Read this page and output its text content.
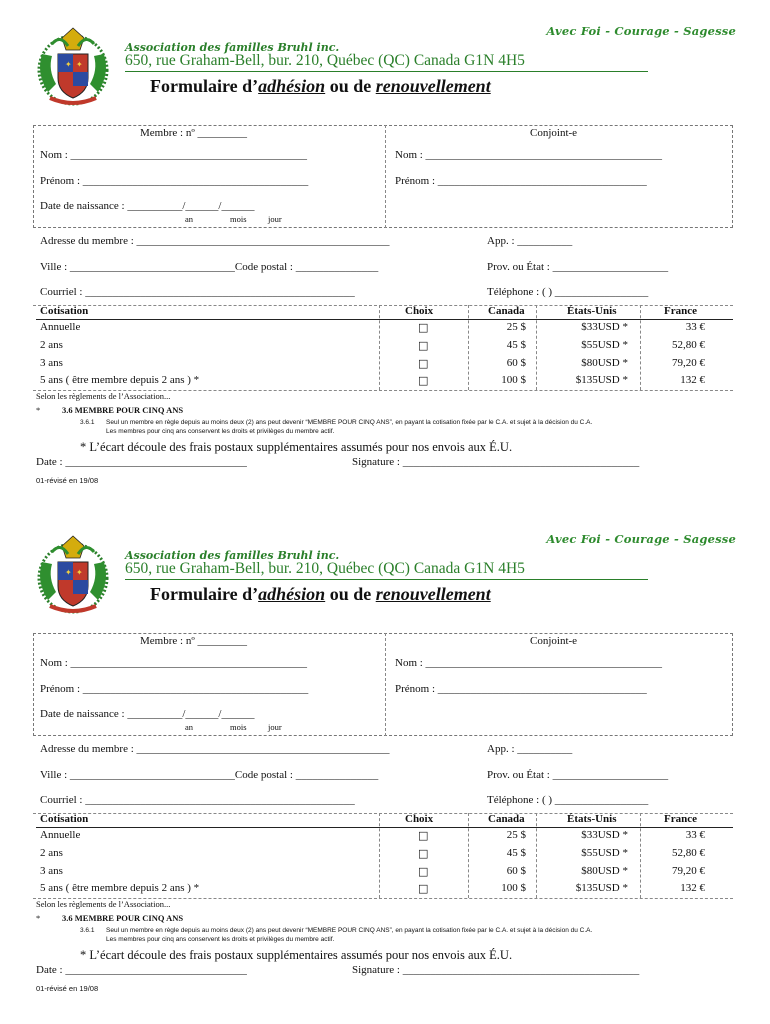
✦ ✦
Avec Foi - Courage - Sagesse
Association des familles Bruhl inc.
650, rue Graham-Bell, bur. 210, Québec (QC) Canada G1N 4H5
Formulaire d’adhésion ou de renouvellement
Membre : nº _________	Conjoint-e
Nom : ___________________________________________	Nom : ___________________________________________
Prénom : _________________________________________	Prénom : ______________________________________
Date de naissance : __________/______/______
an	mois	jour
Adresse du membre : ______________________________________________	App. : __________
Ville : ______________________________Code postal : _______________	Prov. ou État : _____________________
Courriel : _________________________________________________	Téléphone : ( ) _________________
Cotisation	Choix	Canada	États-Unis	France
Annuelle	□	25 $	$33USD *	33 €
2 ans	□	45 $	$55USD *	52,80 €
3 ans	□	60 $	$80USD *	79,20 €
5 ans ( être membre depuis 2 ans ) *	□	100 $	$135USD *	132 €
Selon les règlements de l’Association...
*	3.6 MEMBRE POUR CINQ ANS
3.6.1 Seul un membre en règle depuis au moins deux (2) ans peut devenir “MEMBRE POUR CINQ ANS”, en payant la cotisation fixée par le C.A. et sujet à la décision du C.A.
Les membres pour cinq ans conservent les droits et privilèges du membre actif.
* L’écart découle des frais postaux supplémentaires assumés pour nos envois aux É.U.
Date : _________________________________	Signature : ___________________________________________
01-révisé en 19/08
✦ ✦
Avec Foi - Courage - Sagesse
Association des familles Bruhl inc.
650, rue Graham-Bell, bur. 210, Québec (QC) Canada G1N 4H5
Formulaire d’adhésion ou de renouvellement
Membre : nº _________	Conjoint-e
Nom : ___________________________________________	Nom : ___________________________________________
Prénom : _________________________________________	Prénom : ______________________________________
Date de naissance : __________/______/______
an	mois	jour
Adresse du membre : ______________________________________________	App. : __________
Ville : ______________________________Code postal : _______________	Prov. ou État : _____________________
Courriel : _________________________________________________	Téléphone : ( ) _________________
Cotisation	Choix	Canada	États-Unis	France
Annuelle	□	25 $	$33USD *	33 €
2 ans	□	45 $	$55USD *	52,80 €
3 ans	□	60 $	$80USD *	79,20 €
5 ans ( être membre depuis 2 ans ) *	□	100 $	$135USD *	132 €
Selon les règlements de l’Association...
*	3.6 MEMBRE POUR CINQ ANS
3.6.1 Seul un membre en règle depuis au moins deux (2) ans peut devenir “MEMBRE POUR CINQ ANS”, en payant la cotisation fixée par le C.A. et sujet à la décision du C.A.
Les membres pour cinq ans conservent les droits et privilèges du membre actif.
* L’écart découle des frais postaux supplémentaires assumés pour nos envois aux É.U.
Date : _________________________________	Signature : ___________________________________________
01-révisé en 19/08
